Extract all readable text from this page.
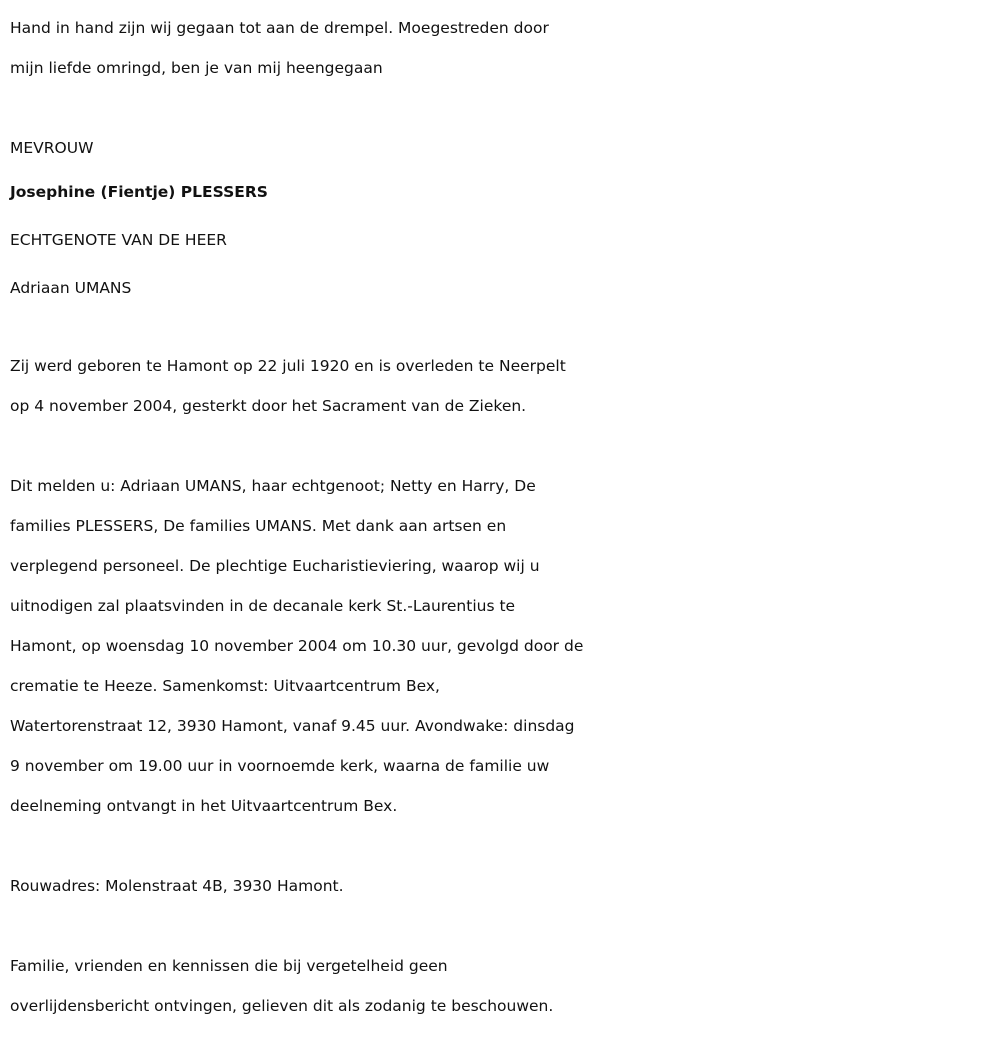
Hand in hand zijn wij gegaan tot aan de drempel. Moegestreden door
mijn liefde omringd, ben je van mij heengegaan
MEVROUW
Josephine (Fientje) PLESSERS
ECHTGENOTE VAN DE HEER
Adriaan UMANS
Zij werd geboren te Hamont op 22 juli 1920 en is overleden te Neerpelt
op 4 november 2004, gesterkt door het Sacrament van de Zieken.
Dit melden u: Adriaan UMANS, haar echtgenoot; Netty en Harry, De
families PLESSERS, De families UMANS. Met dank aan artsen en
verplegend personeel. De plechtige Eucharistieviering, waarop wij u
uitnodigen zal plaatsvinden in de decanale kerk St.-Laurentius te
Hamont, op woensdag 10 november 2004 om 10.30 uur, gevolgd door de
crematie te Heeze. Samenkomst: Uitvaartcentrum Bex,
Watertorenstraat 12, 3930 Hamont, vanaf 9.45 uur. Avondwake: dinsdag
9 november om 19.00 uur in voornoemde kerk, waarna de familie uw
deelneming ontvangt in het Uitvaartcentrum Bex.
Rouwadres: Molenstraat 4B, 3930 Hamont.
Familie, vrienden en kennissen die bij vergetelheid geen
overlijdensbericht ontvingen, gelieven dit als zodanig te beschouwen.
